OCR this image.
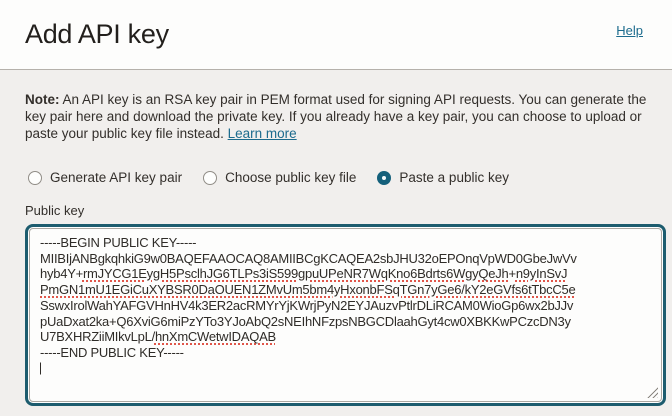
Add API key	Help

Note: An API key is an RSA key pair in PEM format used for signing API requests. You can generate the key pair here and download the private key. If you already have a key pair, you can choose to upload or paste your public key file instead. Learn more

Generate API key pair	Choose public key file	Paste a public key
Public key
-----BEGIN PUBLIC KEY-----
MIIBIjANBgkqhkiG9w0BAQEFAAOCAQ8AMIIBCgKCAQEA2sbJHU32oEPOnqVpWD0GbeJwVv
hyb4Y+rmJYCG1EygH5PsclhJG6TLPs3iS599gpuUPeNR7WqKno6Bdrts6WgyQeJh+n9yInSvJ
PmGN1mU1EGiCuXYBSR0DaOUEN1ZMvUm5bm4yHxonbFSqTGn7yGe6/kY2eGVfs6tTbcC5e
SswxIrolWahYAFGVHnHV4k3ER2acRMYrYjKWrjPyN2EYJAuzvPtlrDLiRCAM0WioGp6wx2bJJv
pUaDxat2ka+Q6XviG6miPzYTo3YJoAbQ2sNEIhNFzpsNBGCDlaahGyt4cw0XBKKwPCzcDN3y
U7BXHRZiiMIkvLpL/hnXmCWetwIDAQAB
-----END PUBLIC KEY-----
